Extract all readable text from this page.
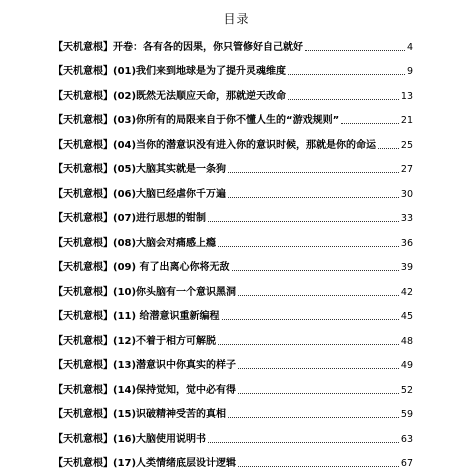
目录
【天机意根】开卷：各有各的因果，你只管修好自己就好	4
【天机意根】(01)我们来到地球是为了提升灵魂维度	9
【天机意根】(02)既然无法顺应天命，那就逆天改命	13
【天机意根】(03)你所有的局限来自于你不懂人生的“游戏规则”	21
【天机意根】(04)当你的潜意识没有进入你的意识时候，那就是你的命运	25
【天机意根】(05)大脑其实就是一条狗	27
【天机意根】(06)大脑已经虐你千万遍	30
【天机意根】(07)进行思想的钳制	33
【天机意根】(08)大脑会对痛感上瘾	36
【天机意根】(09) 有了出离心你将无敌	39
【天机意根】(10)你头脑有一个意识黑洞	42
【天机意根】(11) 给潜意识重新编程	45
【天机意根】(12)不着于相方可解脱	48
【天机意根】(13)潜意识中你真实的样子	49
【天机意根】(14)保持觉知，觉中必有得	52
【天机意根】(15)识破精神受苦的真相	59
【天机意根】(16)大脑使用说明书	63
【天机意根】(17)人类情绪底层设计逻辑	67
